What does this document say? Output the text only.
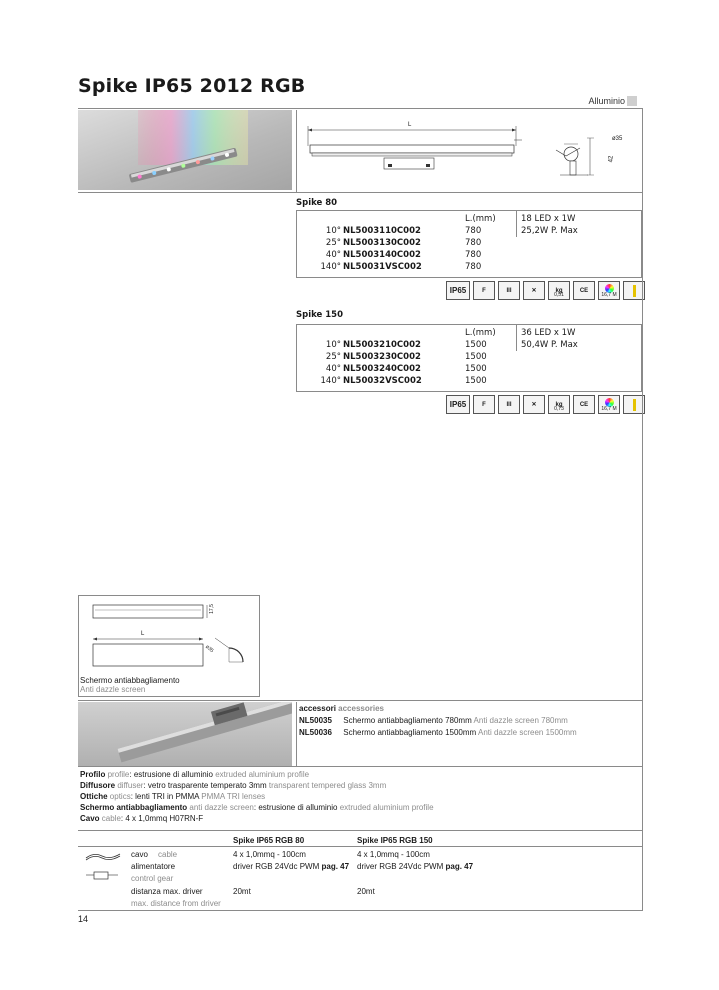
Spike IP65 2012 RGB
Alluminio
L
ø35
42
Spike 80
L.(mm)	18 LED x 1W
10° NL5003110C002	780	25,2W P. Max
25° NL5003130C002	780
40° NL5003140C002	780
140° NL50031VSC002	780
IP65	F	III	✕	kg
0,51
CE
16,7 M
Spike 150
L.(mm)	36 LED x 1W
10° NL5003210C002	1500	50,4W P. Max
25° NL5003230C002	1500
40° NL5003240C002	1500
140° NL50032VSC002	1500
IP65	F	III	✕	kg
0,73
CE
16,7 M
17,5
L
ø35
Schermo antiabbagliamento
Anti dazzle screen
accessori accessories
NL50035 Schermo antiabbagliamento 780mm Anti dazzle screen 780mm
NL50036 Schermo antiabbagliamento 1500mm Anti dazzle screen 1500mm
Profilo profile: estrusione di alluminio extruded aluminium profile
Diffusore diffuser: vetro trasparente temperato 3mm transparent tempered glass 3mm
Ottiche optics: lenti TRI in PMMA PMMA TRI lenses
Schermo antiabbagliamento anti dazzle screen: estrusione di alluminio extruded aluminium profile
Cavo cable: 4 x 1,0mmq H07RN-F
Spike IP65 RGB 80	Spike IP65 RGB 150
cavo	4 x 1,0mmq - 100cm	4 x 1,0mmq - 100cm
cable
alimentatore
control gear
driver RGB 24Vdc PWM pag. 47 driver RGB 24Vdc PWM pag. 47
distanza max. driver
max. distance from driver
20mt	20mt
14
